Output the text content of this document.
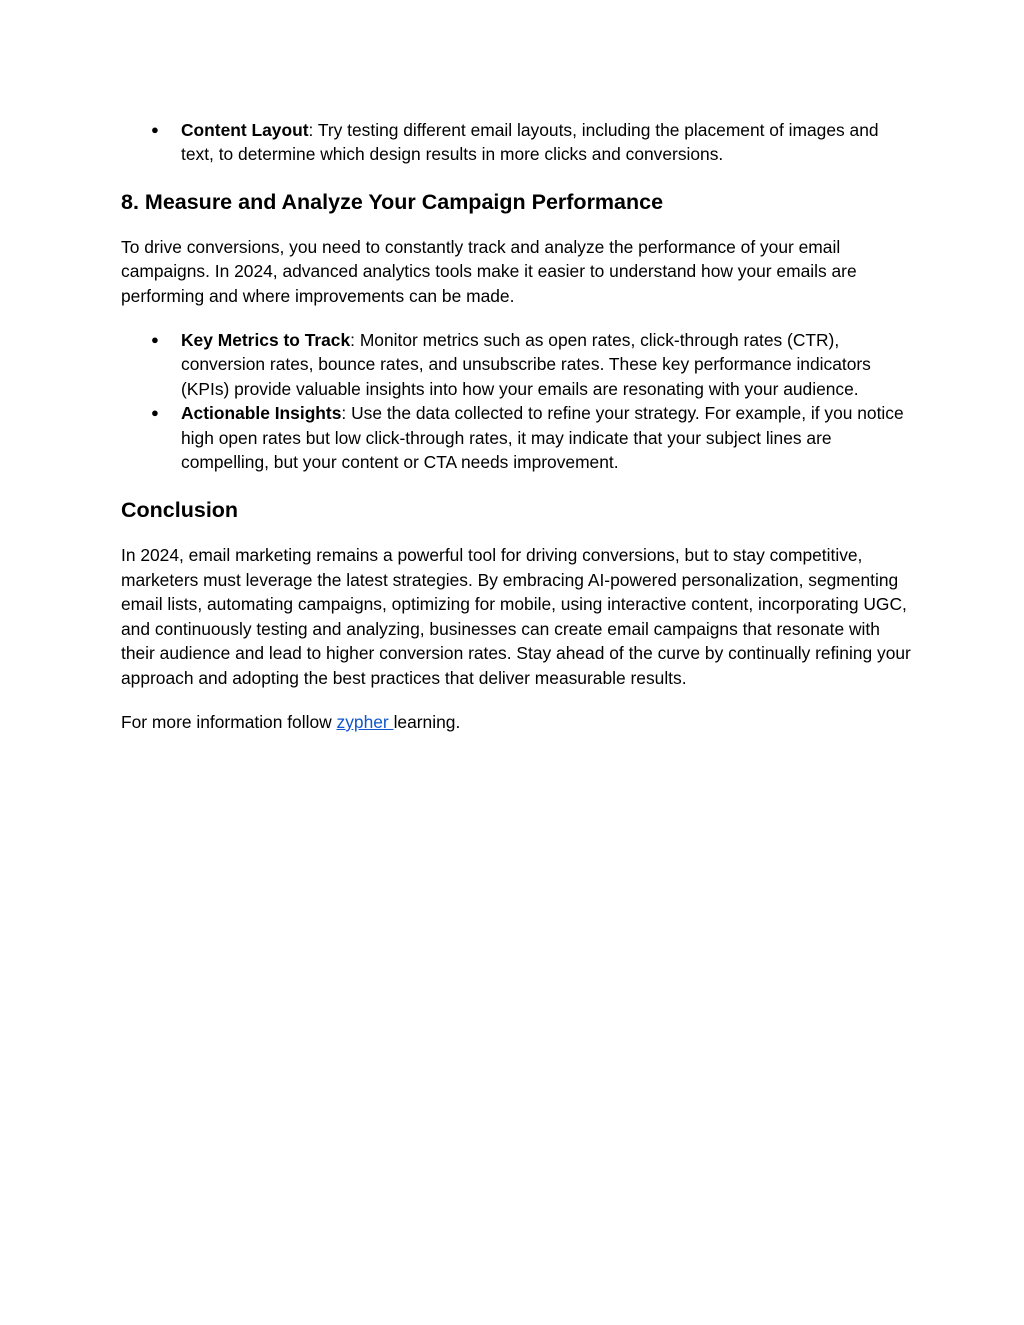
● Content Layout: Try testing different email layouts, including the placement of images and text, to determine which design results in more clicks and conversions.
8. Measure and Analyze Your Campaign Performance

To drive conversions, you need to constantly track and analyze the performance of your email campaigns. In 2024, advanced analytics tools make it easier to understand how your emails are performing and where improvements can be made.

● Key Metrics to Track: Monitor metrics such as open rates, click-through rates (CTR), conversion rates, bounce rates, and unsubscribe rates. These key performance indicators (KPIs) provide valuable insights into how your emails are resonating with your audience.
● Actionable Insights: Use the data collected to refine your strategy. For example, if you notice high open rates but low click-through rates, it may indicate that your subject lines are compelling, but your content or CTA needs improvement.
Conclusion

In 2024, email marketing remains a powerful tool for driving conversions, but to stay competitive, marketers must leverage the latest strategies. By embracing AI-powered personalization, segmenting email lists, automating campaigns, optimizing for mobile, using interactive content, incorporating UGC, and continuously testing and analyzing, businesses can create email campaigns that resonate with their audience and lead to higher conversion rates. Stay ahead of the curve by continually refining your approach and adopting the best practices that deliver measurable results.

For more information follow zypher learning.
